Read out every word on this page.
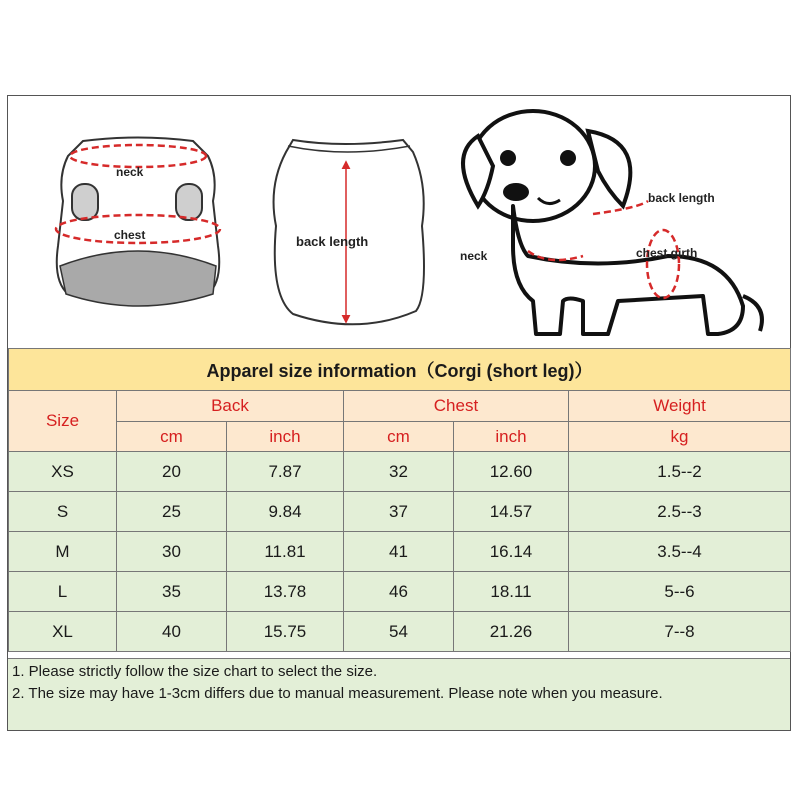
neck
chest	back length
back length
neck	chest girth
Apparel size information（Corgi (short leg)）					
Size	Back		Chest		Weight
	cm	inch	cm	inch	kg
XS	20	7.87	32	12.60	1.5--2
S	25	9.84	37	14.57	2.5--3
M	30	11.81	41	16.14	3.5--4
L	35	13.78	46	18.11	5--6
XL	40	15.75	54	21.26	7--8
1. Please strictly follow the size chart to select the size.
2. The size may have 1-3cm differs due to manual measurement. Please note when you measure.
